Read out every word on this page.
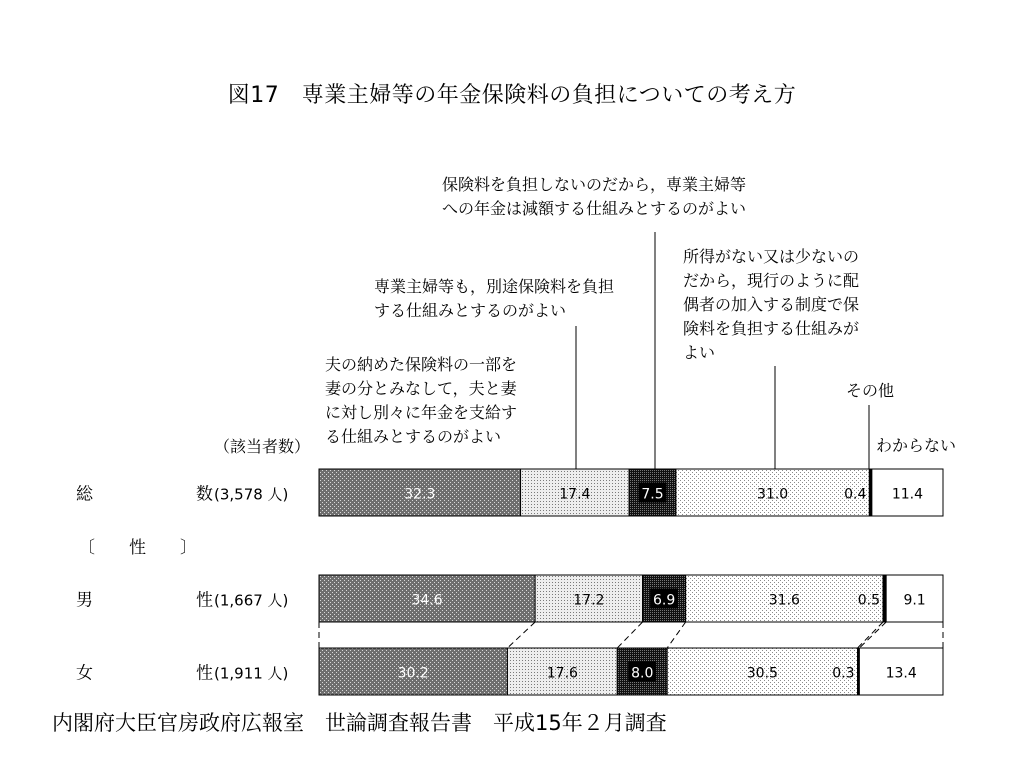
図17　専業主婦等の年金保険料の負担についての考え方
夫の納めた保険料の一部を
妻の分とみなして，夫と妻
に対し別々に年金を支給す
る仕組みとするのがよい
専業主婦等も，別途保険料を負担
する仕組みとするのがよい
保険料を負担しないのだから，専業主婦等
への年金は減額する仕組みとするのがよい
所得がない又は少ないの
だから，現行のように配
偶者の加入する制度で保
険料を負担する仕組みが
よい
その他
わからない
総	数 (3,578 人)	32.3	17.4	7.5	31.0	0.4 11.4
男	性 (1,667 人)	34.6	17.2	6.9	31.6	0.5 9.1
女	性 (1,911 人)	30.2	17.6	8.0	30.5	0.3 13.4
〔　　性　　〕
（該当者数）
内閣府大臣官房政府広報室　世論調査報告書　平成15年２月調査
